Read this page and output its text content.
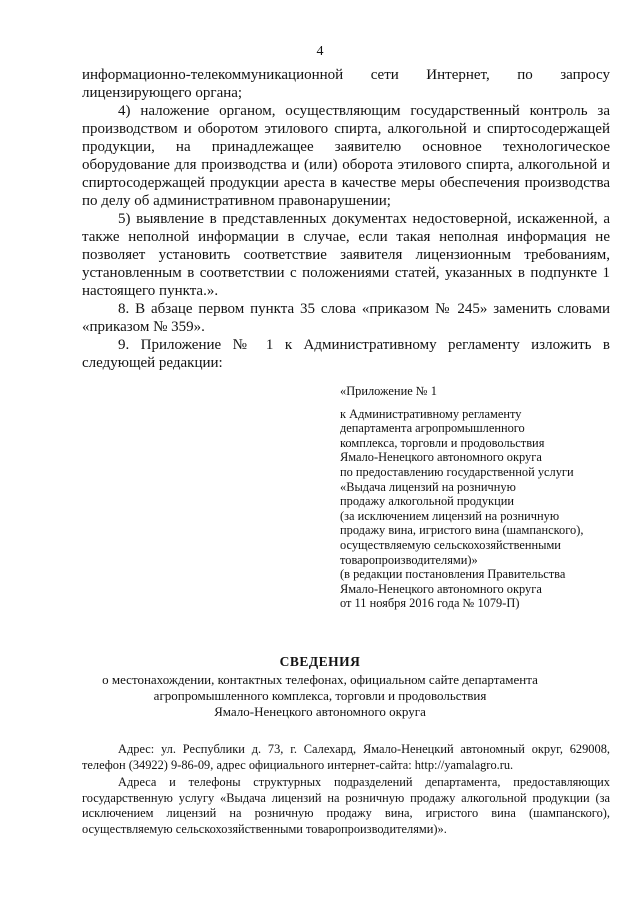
4

информационно-телекоммуникационной сети Интернет, по запросу

лицензирующего органа;

4) наложение органом, осуществляющим государственный контроль за производством и оборотом этилового спирта, алкогольной и спиртосодержащей продукции, на принадлежащее заявителю основное технологическое оборудование для производства и (или) оборота этилового спирта, алкогольной и спиртосодержащей продукции ареста в качестве меры обеспечения производства по делу об административном правонарушении;

5) выявление в представленных документах недостоверной, искаженной, а также неполной информации в случае, если такая неполная информация не позволяет установить соответствие заявителя лицензионным требованиям, установленным в соответствии с положениями статей, указанных в подпункте 1 настоящего пункта.».

8. В абзаце первом пункта 35 слова «приказом № 245» заменить словами «приказом № 359».

9. Приложение № 1 к Административному регламенту изложить в следующей редакции:

«Приложение № 1
к Административному регламенту
департамента агропромышленного
комплекса, торговли и продовольствия
Ямало-Ненецкого автономного округа
по предоставлению государственной услуги
«Выдача лицензий на розничную
продажу алкогольной продукции
(за исключением лицензий на розничную
продажу вина, игристого вина (шампанского),
осуществляемую сельскохозяйственными
товаропроизводителями)»
(в редакции постановления Правительства
Ямало-Ненецкого автономного округа
от 11 ноября 2016 года № 1079-П)
СВЕДЕНИЯ
о местонахождении, контактных телефонах, официальном сайте департамента
агропромышленного комплекса, торговли и продовольствия
Ямало-Ненецкого автономного округа

Адрес: ул. Республики д. 73, г. Салехард, Ямало-Ненецкий автономный округ, 629008, телефон (34922) 9-86-09, адрес официального интернет-сайта: http://yamalagro.ru.

Адреса и телефоны структурных подразделений департамента, предоставляющих государственную услугу «Выдача лицензий на розничную продажу алкогольной продукции (за исключением лицензий на розничную продажу вина, игристого вина (шампанского), осуществляемую сельскохозяйственными товаропроизводителями)».
